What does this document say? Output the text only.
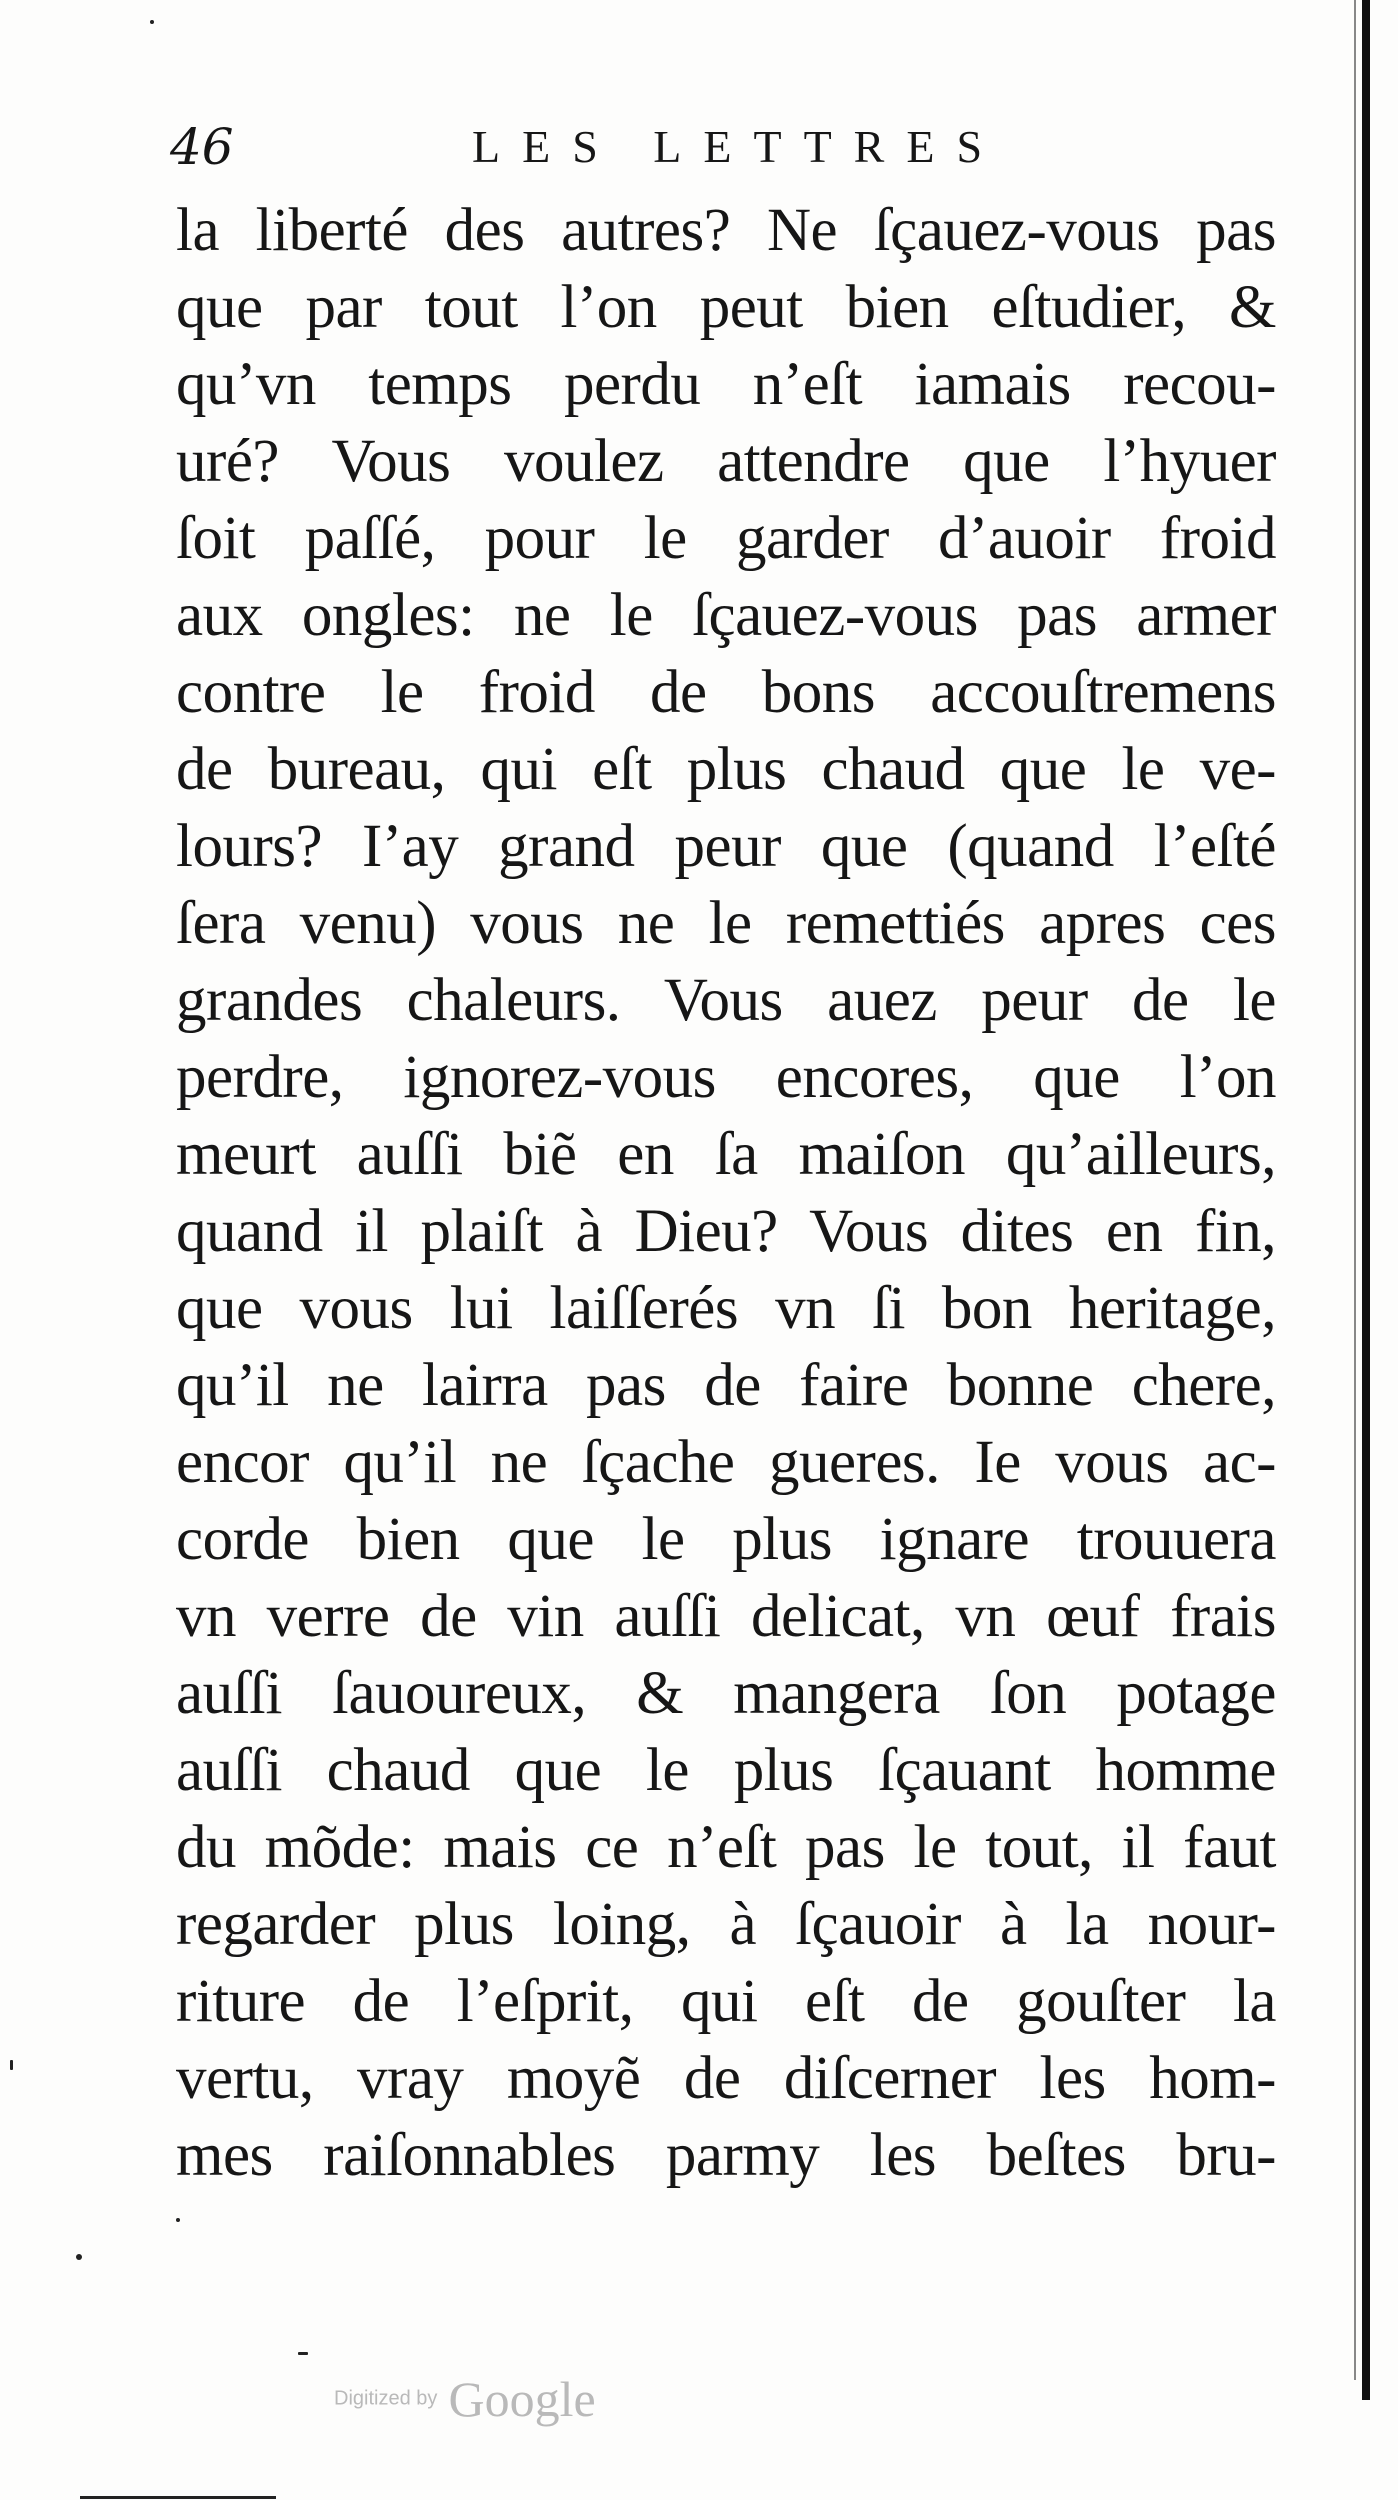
46	LES LETTRES
la liberté des autres? Ne ſçauez-vous pas
que par tout l’on peut bien eſtudier, &
qu’vn temps perdu n’eſt iamais recou-
uré? Vous voulez attendre que l’hyuer
ſoit paſſé, pour le garder d’auoir froid
aux ongles: ne le ſçauez-vous pas armer
contre le froid de bons accouſtremens
de bureau, qui eſt plus chaud que le ve-
lours? I’ay grand peur que (quand l’eſté
ſera venu) vous ne le remettiés apres ces
grandes chaleurs. Vous auez peur de le
perdre, ignorez-vous encores, que l’on
meurt auſſi biẽ en ſa maiſon qu’ailleurs,
quand il plaiſt à Dieu? Vous dites en fin,
que vous lui laiſſerés vn ſi bon heritage,
qu’il ne lairra pas de faire bonne chere,
encor qu’il ne ſçache gueres. Ie vous ac-
corde bien que le plus ignare trouuera
vn verre de vin auſſi delicat, vn œuf frais
auſſi ſauoureux, & mangera ſon potage
auſſi chaud que le plus ſçauant homme
du mõde: mais ce n’eſt pas le tout, il faut
regarder plus loing, à ſçauoir à la nour-
riture de l’eſprit, qui eſt de gouſter la
vertu, vray moyẽ de diſcerner les hom-
mes raiſonnables parmy les beſtes bru-
Digitized by Google
